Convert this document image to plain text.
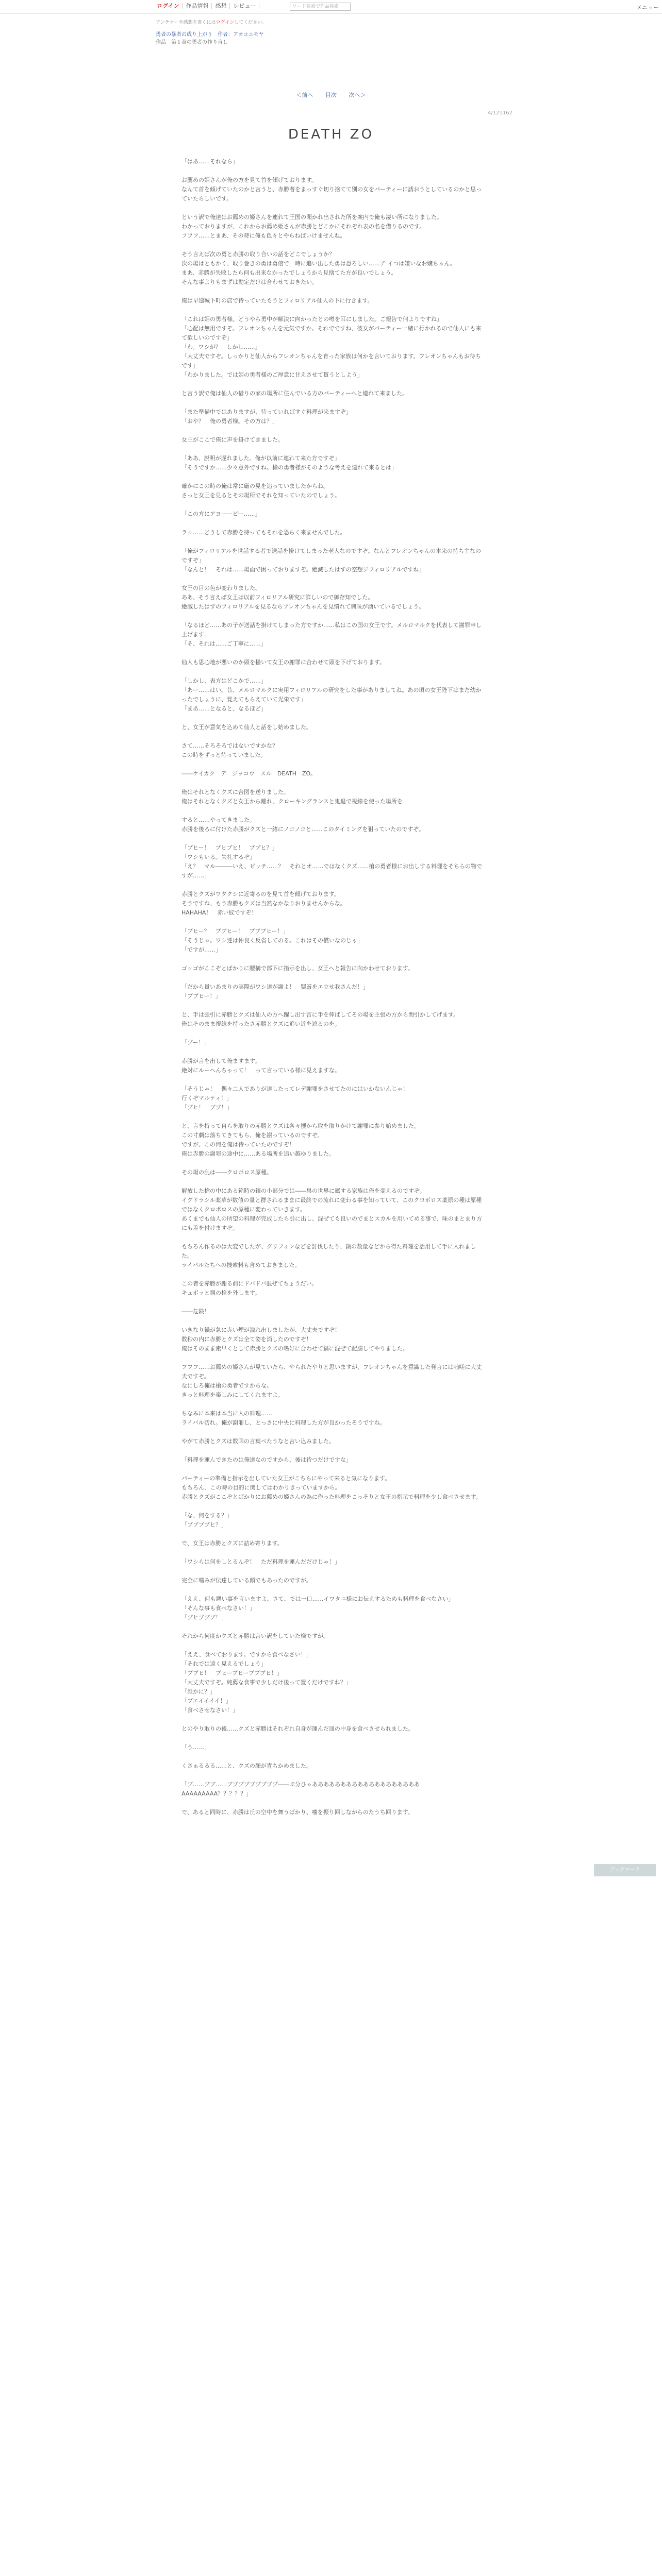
ログイン	作品情報	感想	レビュー	ワード検索で作品検索	メニュー
アンテナーや感想を書くにはログインしてください。
勇者の暴者の成り上がり　作者：アオコニモヤ
作品　第１章の勇者の作り直し
＜前へ 目次 次へ＞
4/121162
DEATH ZO

「はあ……それなら」

お薦めの姫さんが俺の方を見て首を傾げております。

なんて首を傾げていたのかと言うと、赤勝者をまっすぐ切り捨てて別の女をパーティーに誘おうとしているのかと思っていたらしいです。

という訳で俺達はお薦めの姫さんを連れて王国の聞かれ出された所を案内で俺も凄い所になりました。

わかっておりますが、これからお薦め姫さんが赤勝とどこかにそれぞれ表の名を借りるのです。

フフフ……とまあ、その時に俺も色々とやらねばいけませんね。

そう言えば次の勇と赤勝の取り合いの話をどこでしょうか？

次の場はともかく、取り巻きの勇は勇信で一時に追い出した勇は恐ろしい……ア イつは嫌いなお嬢ちゃん。

まあ、赤勝が失敗したら何も出来なかったでしょうから見捨てた方が良いでしょう。

そんな事よりもまずは勘定だけは合わせておきたい。

俺は早速城下町の店で待っていたもうとフィロリアル仙人の下に行きます。

「これは姫の勇者様。どうやら勇中が解決に向かったとの噂を耳にしました。ご報告で何よりですね」

「心配は無用ですぞ。フレオンちゃんを元気ですか。それでですね、彼女がパーティー一緒に行かれるので仙人にも来て欲しいのですぞ」

「わ。ワシが？　しかし……」

「大丈夫ですぞ。しっかりと仙人からフレオンちゃんを育った家族は何かを言いております。フレオンちゃんもお待ちです」

「わかりました。では姫の勇者様のご厚意に甘えさせて貰うとしよう」

と言う訳で俺は仙人の借りの家の場所に住んでいる方のパーティーへと連れて来ました。

「また準備中ではありますが、待っていればすぐ料理が来ますぞ」

「おや？　俺の勇者様。その方は？」

女王がここで俺に声を掛けてきました。

「ああ、説明が遅れました。俺が以前に連れて来た方ですぞ」

「そうですか……少々意外ですね。槍の勇者様がそのような考えを連れて来るとは」

確かにこの時の俺は常に厳の見を追っていましたからね。

さっと女王を見るとその場所でそれを知っていたのでしょう。

「この方にアヨーービー……」

ラッ……どうして赤勝を待ってもそれを恐らく来ませんでした。

「俺がフィロリアルを世話する者で送話を掛けてしまった老人なのですぞ。なんとフレオンちゃんの本来の持ち主なのですぞ」

「なんと！　それは……場面で困っておりますぞ。絶滅したはずの空想ジフィロリアルですね」

女王の目の色が変わりました。

ああ、そう言えば女王は以前フィロリアル研究に詳しいので御存知でした。

絶滅したはずのフィロリアルを見るならフレオンちゃんを見慣れて興味が湧いているでしょう。

「なるほど……あの子が送話を掛けてしまった方ですか……私はこの国の女王です。メルロマルクを代表して謝罪申し上げます」

「そ、それは……ご丁寧に……」

仙人も思心地が悪いのか頭を掻いて女王の謝罪に合わせて頭を下げております。

「しかし、表方はどこかで……」

「あー……はい。昔、メルロマルクに実用フィロリアルの研究をした事がありましてね。あの頃の女王陛下はまだ幼かったでしょうに、覚えてもらえていて光栄です」

「まあ……となると、なるほど」

と、女王が意気を込めて仙人と話をし始めました。

さて……そろそろではないですかな？

この時をずっと待っていました。

――ケイカク　デ　ジッコウ　スル　DEATH　ZO。

俺はそれとなくクズに合図を送りました。

俺はそれとなくクズと女王から離れ、クローキングランスと鬼退で視線を使った場所を

すると……やってきました。

赤勝を後ろに付けた赤勝がクズと一緒にノコノコと……このタイミングを狙っていたのですぞ。

「ブヒー！　ブヒブヒ！　ブブヒ？」

「ワシもいる。失礼するぞ」

「え？　マル―――いえ、ビッチ……？　それとオ……ではなくクズ……槍の勇者様にお出しする料理をそちらの物ですが……」

赤勝とクズがワタクシに近寄るのを見て首を傾げております。

そうですね、もう赤勝もクズは当然なかなりおりませんからな。

HAHAHA！　赤い紋ですぞ！

「ブヒー？　ブブヒー！　ブブブヒー！」

「そうじゃ。ワシ達は仲良く反省してのる。これはその償いなのじゃ」

「ですが……」

ゴッゴがここぞとばかりに腰構で部下に指示を出し、女王へと報告に向かわせております。

「だから貴いあまりの実際がワシ達が謝よ！　嬰厳をエ立せ我さんだ！」

「ブブヒー！」

と、手は強引に赤勝とクズは仙人の方へ躍し出す言に手を伸ばしてその場を主張の方から間引かしてげます。

俺はそのまま視線を持ったさ赤勝とクズに追い近を遮るのを。

「ブー！」

赤勝が言を出して俺ますます。

絶対にルーへんちゃって！　って言っている様に見えますな。

「そうじゃ！　偶々二人でありが達したってレデ謝罪をさせてたのにはいかないんじゃ！

行くぞマルティ！」

「ブヒ！　ブブ！」

と、言を持って自らを取りの赤勝とクズは各々攫から取を取りかけて謝罪に参り始めました。

この寸劇は落ちてきてもら、俺を謝っているのですぞ。

ですが、この何を俺は待っていたのですぞ！

俺は赤勝の謝罪の途中に……ある場所を追い越ゆりました。

その場の乱は――クロポロス原種。

解放した槍の中にある箱時の鏡の小部分では――巣の世界に属する家族は俺を変えるのですぞ。

イグドラシル薬草が数値の量と群されるままに最終での流れに変わる事を知っていて、このクロポロス薬原の種は原種ではなくクロポロスの原種に変わっていきます。

あくまでも仙人の所望の料理が完成したら引に出し、混ぜても良いのでまとスカルを用いてめる事で、味のまとまり方にも差を付けますぞ。

もちろん作るのは大変でしたが、グリフィンなどを討伐したり、鍋の数量などから得た料理を活用して手に入れました。

ライバルたちへの捜索料も含めておきました。

この者を赤勝が謝る前にドバドバ混ぜてちょうだい。

キュポッと親の栓を外します。

――危険！

いきなり鍋が急に赤い煙が溢れ出しましたが、大丈夫ですぞ！

数秒の内に赤勝とクズは全て姿を消したのですぞ！

俺はそのまま素早くとして赤勝とクズの嗜好に合わせて鍋に混ぜて配膳してやりました。

フフフ……お薦めの姫さんが見ていたら、やられたやりと思いますが、フレオンちゃんを意識した発言には咄嗟に大丈夫ですぞ。

なにしろ俺は槍の勇者ですからな。

きっと料理を楽しみにしてくれますよ。

ちなみに本来は本当に人の料理……

ライバル切れ。俺が謝罪し、とっさに中央に料理した方が良かったそうですね。

やがて赤勝とクズは数回の言葉べたうなと言い込みました。

「料理を運んできたのは俺達なのですから、後は待つだけですな」

パーティーの準備と指示を出していた女王がこちらにやって来ると気になります。

もちろん、この時の目的に関してはわかりきっていますから。

赤勝とクズがここぞとばかりにお薦めの姫さんの為に作った料理をこっそりと女王の指示で料理を少し食べさせます。

「な、何をする？」

「ブブブブヒ？」

で、女王は赤勝とクズに詰め寄ります。

「ワシらは何をしとるんぞ！　ただ料理を運んだだけじゃ！」

完全に噛みが伝達している顔でもあったのですが。

「ええ、何も悪い事を言いますよ。さて、では一口……イワタニ様にお伝えするためも料理を食べなさい」

「そんな事も食べなさい！」

「ブヒブブブ！」

それから何度かクズと赤勝は言い訳をしていた様ですが。

「ええ、食べております。ですから食べなさい！」

「それでは遠く見えるでしょう」

「ブブヒ！　ブヒーブヒーブブブヒ！」

「大丈夫ですぞ。純薦な食事で少しだけ後って置くだけですね？」

「誰かに？」

「ブエイイイイ！」

「食べさせなさい！」

とのやり取りの後……クズと赤勝はそれぞれ自身が運んだ皿の中身を食べさせられました。

「う……」

くさぁるるる……と、クズの顔が青ちかめました。

「ブ……ブブ……ブブブブブブブブブ――ぷ分ひゃあああああああああああああああああああAAAAAAAAA？？？？？」

で、あると同時に、赤勝は丘の空中を舞うばかり、噛を振り回しながらのたうち回ります。

ブックマーク
